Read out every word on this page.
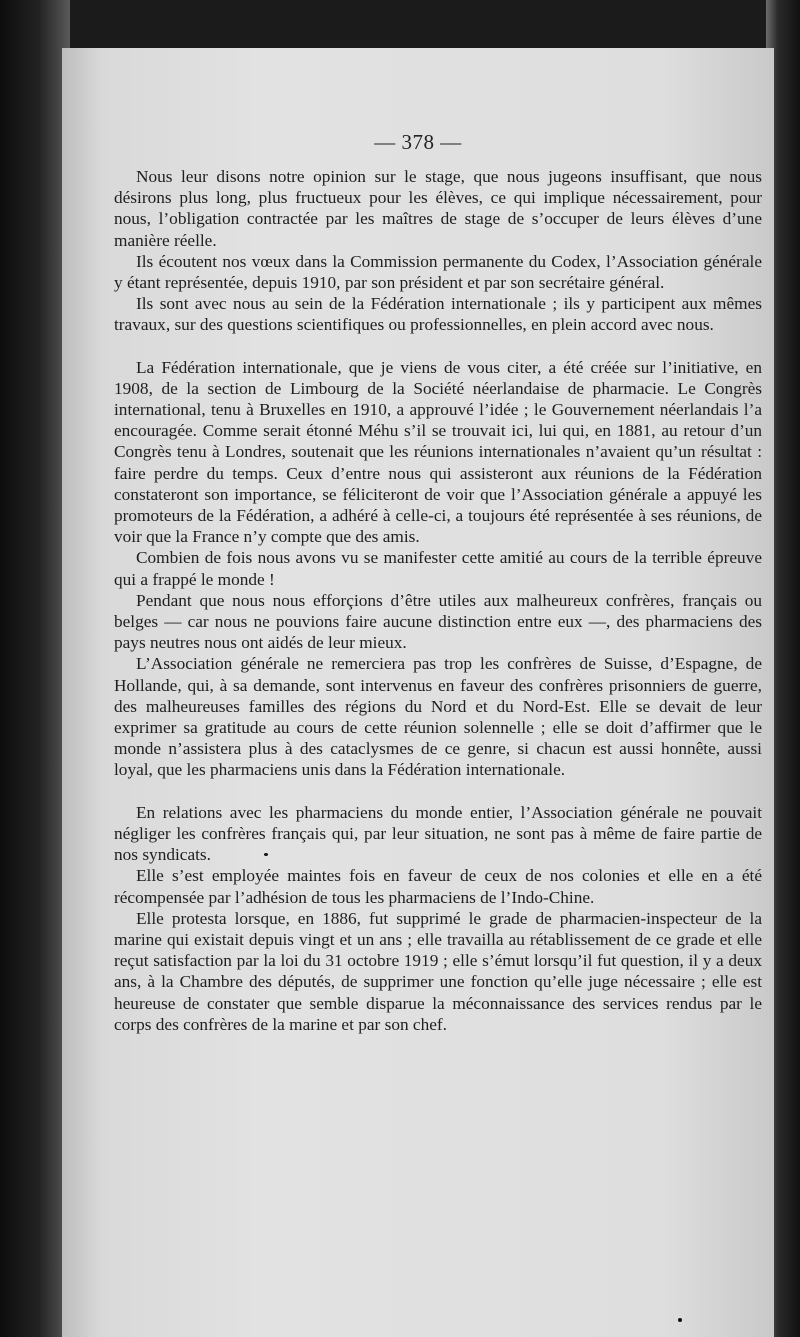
— 378 —

Nous leur disons notre opinion sur le stage, que nous jugeons insuffisant, que nous désirons plus long, plus fructueux pour les élèves, ce qui implique nécessairement, pour nous, l’obligation contractée par les maîtres de stage de s’occuper de leurs élèves d’une manière réelle.

Ils écoutent nos vœux dans la Commission permanente du Codex, l’Association générale y étant représentée, depuis 1910, par son président et par son secrétaire général.

Ils sont avec nous au sein de la Fédération internationale ; ils y participent aux mêmes travaux, sur des questions scientifiques ou professionnelles, en plein accord avec nous.

La Fédération internationale, que je viens de vous citer, a été créée sur l’initiative, en 1908, de la section de Limbourg de la Société néerlandaise de pharmacie. Le Congrès international, tenu à Bruxelles en 1910, a approuvé l’idée ; le Gouvernement néerlandais l’a encouragée. Comme serait étonné Méhu s’il se trouvait ici, lui qui, en 1881, au retour d’un Congrès tenu à Londres, soutenait que les réunions internationales n’avaient qu’un résultat : faire perdre du temps. Ceux d’entre nous qui assisteront aux réunions de la Fédération constateront son importance, se féliciteront de voir que l’Association générale a appuyé les promoteurs de la Fédération, a adhéré à celle-ci, a toujours été représentée à ses réunions, de voir que la France n’y compte que des amis.

Combien de fois nous avons vu se manifester cette amitié au cours de la terrible épreuve qui a frappé le monde !

Pendant que nous nous efforçions d’être utiles aux malheureux confrères, français ou belges — car nous ne pouvions faire aucune distinction entre eux —, des pharmaciens des pays neutres nous ont aidés de leur mieux.

L’Association générale ne remerciera pas trop les confrères de Suisse, d’Espagne, de Hollande, qui, à sa demande, sont intervenus en faveur des confrères prisonniers de guerre, des malheureuses familles des régions du Nord et du Nord-Est. Elle se devait de leur exprimer sa gratitude au cours de cette réunion solennelle ; elle se doit d’affirmer que le monde n’assistera plus à des cataclysmes de ce genre, si chacun est aussi honnête, aussi loyal, que les pharmaciens unis dans la Fédération internationale.

En relations avec les pharmaciens du monde entier, l’Association générale ne pouvait négliger les confrères français qui, par leur situation, ne sont pas à même de faire partie de nos syndicats.

Elle s’est employée maintes fois en faveur de ceux de nos colonies et elle en a été récompensée par l’adhésion de tous les pharmaciens de l’Indo-Chine.

Elle protesta lorsque, en 1886, fut supprimé le grade de pharmacien-inspecteur de la marine qui existait depuis vingt et un ans ; elle travailla au rétablissement de ce grade et elle reçut satisfaction par la loi du 31 octobre 1919 ; elle s’émut lorsqu’il fut question, il y a deux ans, à la Chambre des députés, de supprimer une fonction qu’elle juge nécessaire ; elle est heureuse de constater que semble disparue la méconnaissance des services rendus par le corps des confrères de la marine et par son chef.
